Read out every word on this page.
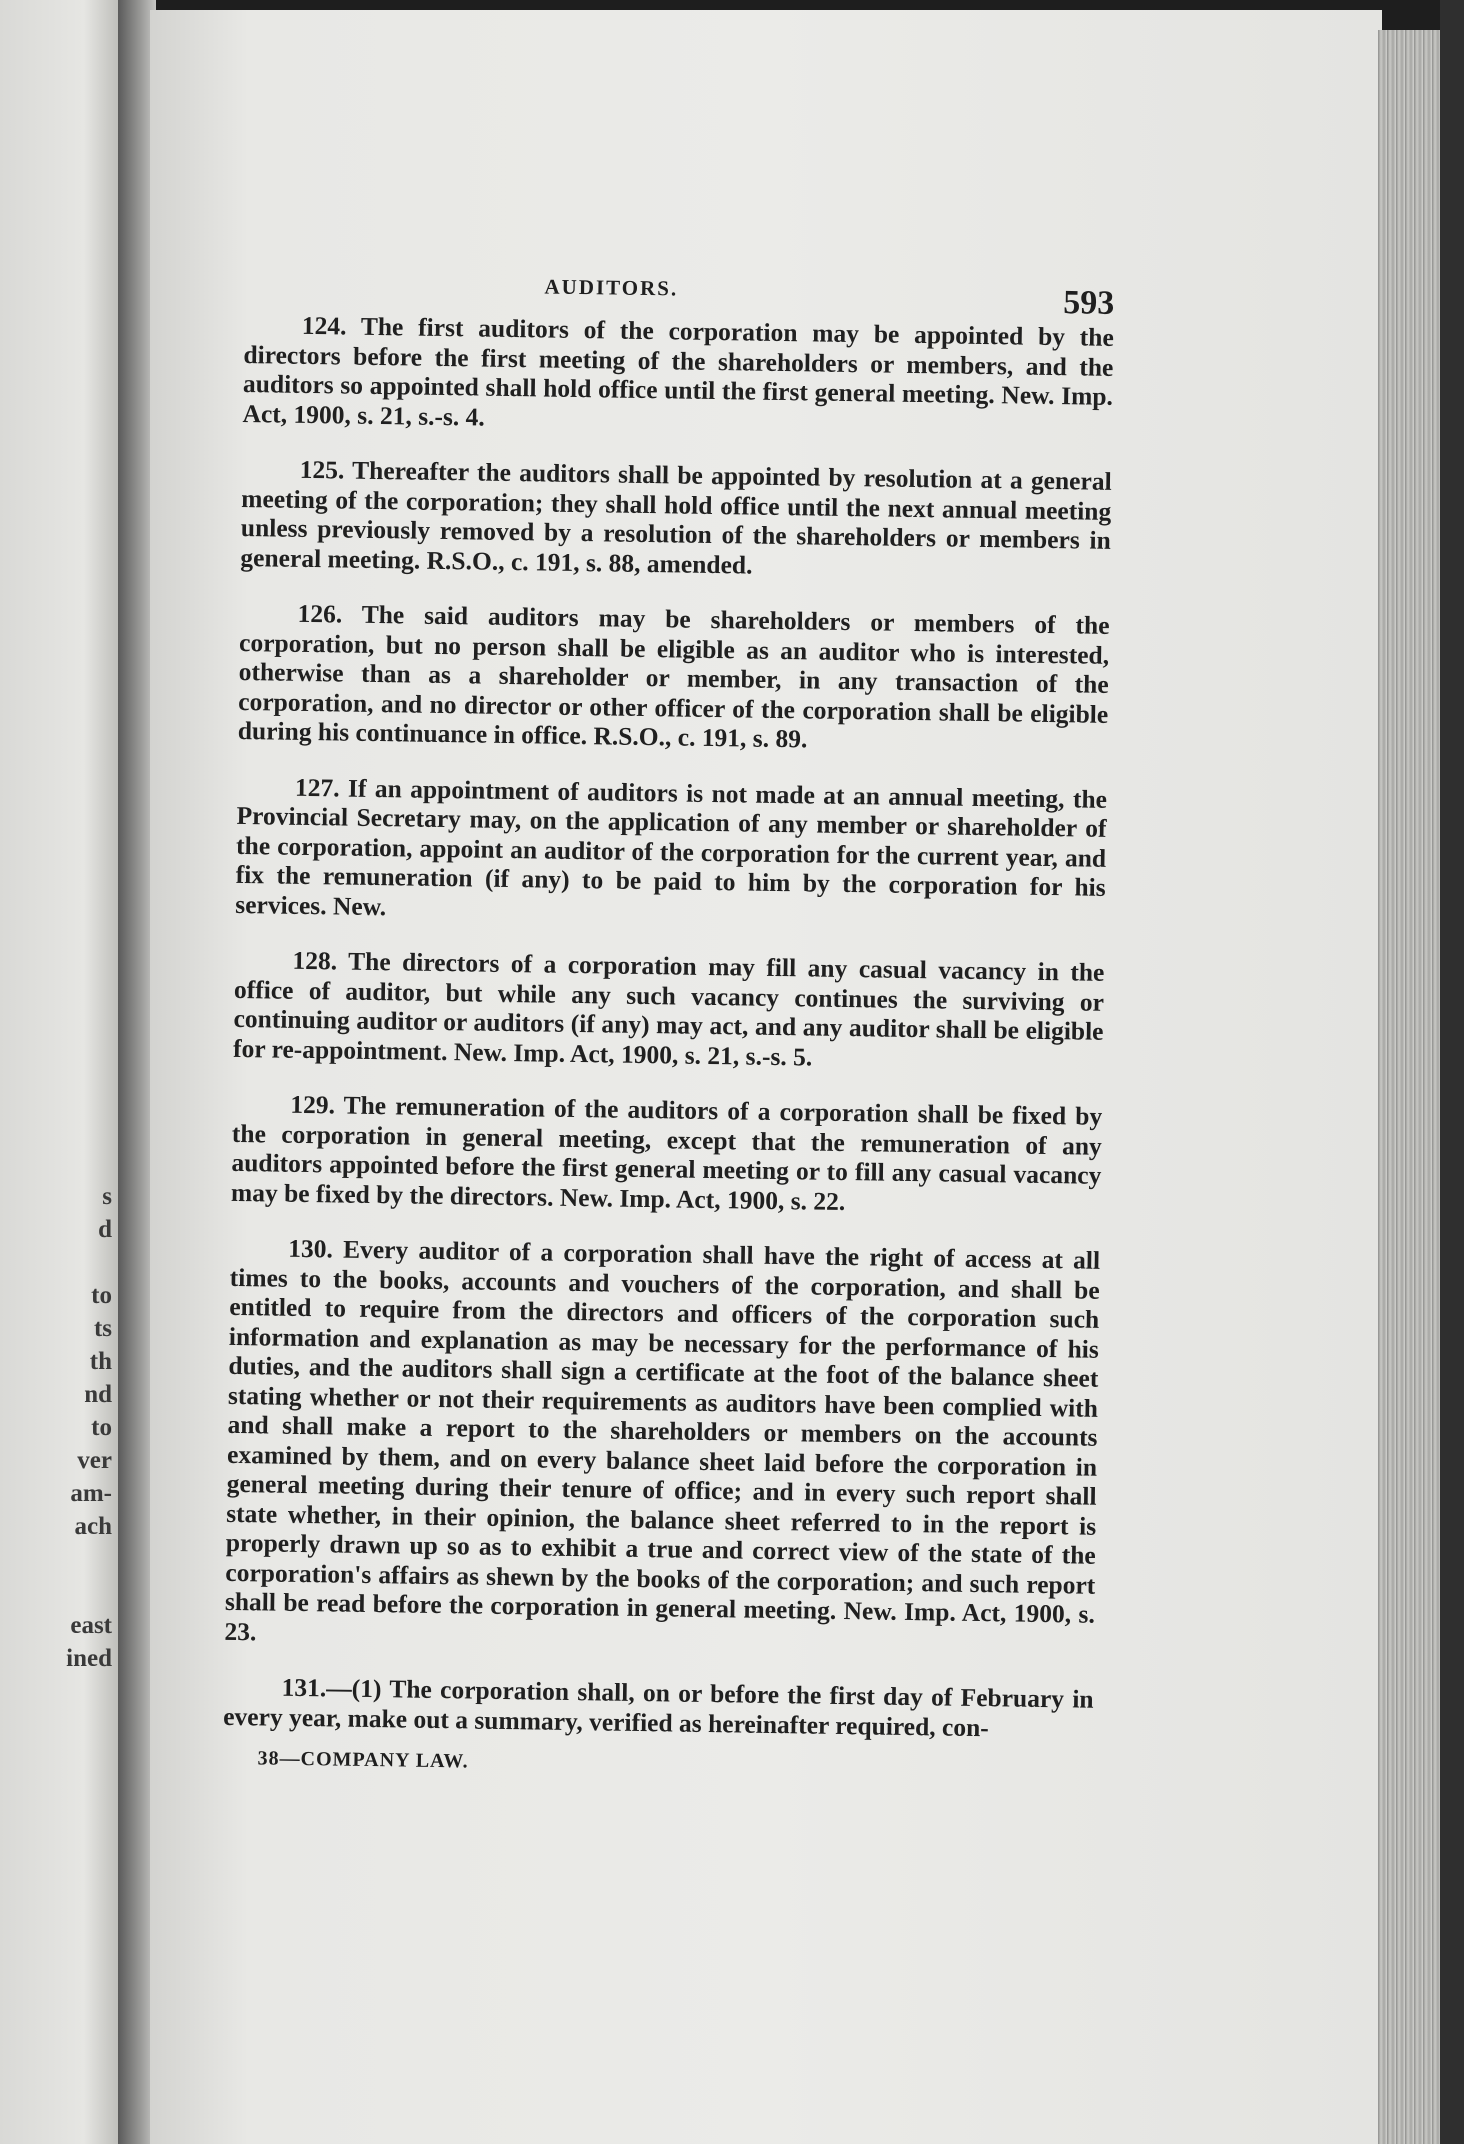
s
d
to
ts
th
nd
to
ver
am-
ach
east
ined
AUDITORS.	593

124. The first auditors of the corporation may be appointed by the directors before the first meeting of the shareholders or members, and the auditors so appointed shall hold office until the first general meeting. New. Imp. Act, 1900, s. 21, s.-s. 4.

125. Thereafter the auditors shall be appointed by resolution at a general meeting of the corporation; they shall hold office until the next annual meeting unless previously removed by a resolution of the shareholders or members in general meeting. R.S.O., c. 191, s. 88, amended.

126. The said auditors may be shareholders or members of the corporation, but no person shall be eligible as an auditor who is interested, otherwise than as a shareholder or member, in any transaction of the corporation, and no director or other officer of the corporation shall be eligible during his continuance in office. R.S.O., c. 191, s. 89.

127. If an appointment of auditors is not made at an annual meeting, the Provincial Secretary may, on the application of any member or shareholder of the corporation, appoint an auditor of the corporation for the current year, and fix the remuneration (if any) to be paid to him by the corporation for his services. New.

128. The directors of a corporation may fill any casual vacancy in the office of auditor, but while any such vacancy continues the surviving or continuing auditor or auditors (if any) may act, and any auditor shall be eligible for re-appointment. New. Imp. Act, 1900, s. 21, s.-s. 5.

129. The remuneration of the auditors of a corporation shall be fixed by the corporation in general meeting, except that the remuneration of any auditors appointed before the first general meeting or to fill any casual vacancy may be fixed by the directors. New. Imp. Act, 1900, s. 22.

130. Every auditor of a corporation shall have the right of access at all times to the books, accounts and vouchers of the corporation, and shall be entitled to require from the directors and officers of the corporation such information and explanation as may be necessary for the performance of his duties, and the auditors shall sign a certificate at the foot of the balance sheet stating whether or not their requirements as auditors have been complied with and shall make a report to the shareholders or members on the accounts examined by them, and on every balance sheet laid before the corporation in general meeting during their tenure of office; and in every such report shall state whether, in their opinion, the balance sheet referred to in the report is properly drawn up so as to exhibit a true and correct view of the state of the corporation's affairs as shewn by the books of the corporation; and such report shall be read before the corporation in general meeting. New. Imp. Act, 1900, s. 23.

131.—(1) The corporation shall, on or before the first day of February in every year, make out a summary, verified as hereinafter required, con-

38—COMPANY LAW.
